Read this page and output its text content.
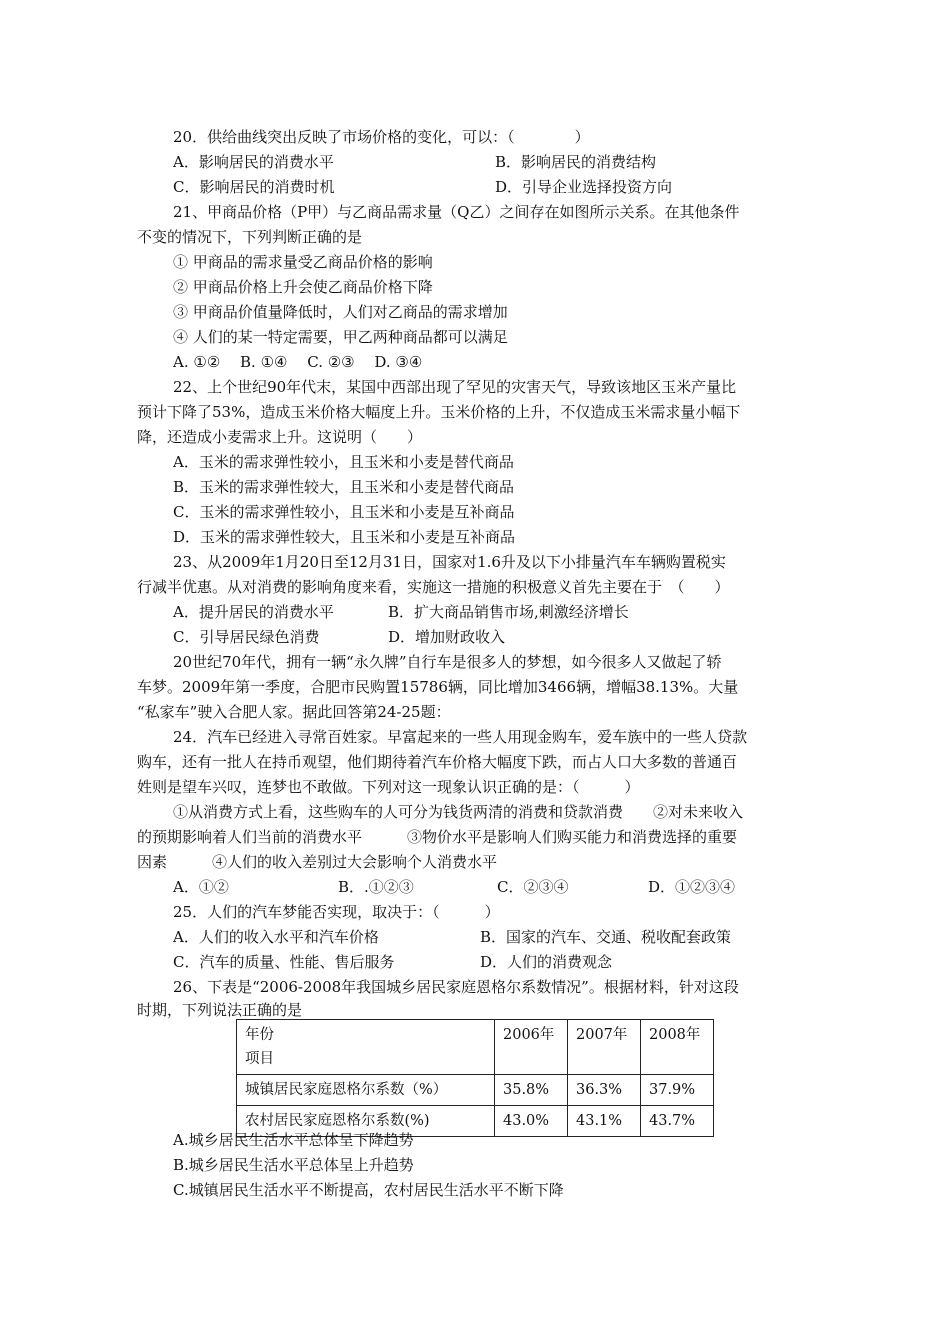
20．供给曲线突出反映了市场价格的变化，可以：（　　　　）
A．影响居民的消费水平	B．影响居民的消费结构
C．影响居民的消费时机	D．引导企业选择投资方向
21、甲商品价格（P甲）与乙商品需求量（Q乙）之间存在如图所示关系。在其他条件
不变的情况下，下列判断正确的是
① 甲商品的需求量受乙商品价格的影响
② 甲商品价格上升会使乙商品价格下降
③ 甲商品价值量降低时，人们对乙商品的需求增加
④ 人们的某一特定需要，甲乙两种商品都可以满足
A. ①②　 B. ①④　 C. ②③　 D. ③④
22、上个世纪90年代末，某国中西部出现了罕见的灾害天气，导致该地区玉米产量比
预计下降了53%，造成玉米价格大幅度上升。玉米价格的上升，不仅造成玉米需求量小幅下
降，还造成小麦需求上升。这说明（　　）
A．玉米的需求弹性较小，且玉米和小麦是替代商品
B．玉米的需求弹性较大，且玉米和小麦是替代商品
C．玉米的需求弹性较小，且玉米和小麦是互补商品
D．玉米的需求弹性较大，且玉米和小麦是互补商品
23、从2009年1月20日至12月31日，国家对1.6升及以下小排量汽车车辆购置税实
行减半优惠。从对消费的影响角度来看，实施这一措施的积极意义首先主要在于　（　　）
A．提升居民的消费水平	B．扩大商品销售市场,刺激经济增长
C．引导居民绿色消费	D．增加财政收入
20世纪70年代，拥有一辆“永久牌”自行车是很多人的梦想，如今很多人又做起了轿
车梦。2009年第一季度，合肥市民购置15786辆，同比增加3466辆，增幅38.13%。大量
“私家车”驶入合肥人家。据此回答第24-25题：
24．汽车已经进入寻常百姓家。早富起来的一些人用现金购车，爱车族中的一些人贷款
购车，还有一批人在持币观望，他们期待着汽车价格大幅度下跌，而占人口大多数的普通百
姓则是望车兴叹，连梦也不敢做。下列对这一现象认识正确的是：（　　　）
①从消费方式上看，这些购车的人可分为钱货两清的消费和贷款消费　　②对未来收入
的预期影响着人们当前的消费水平　　　③物价水平是影响人们购买能力和消费选择的重要
因素　　　④人们的收入差别过大会影响个人消费水平
A．①②	B．.①②③	C．②③④	D．①②③④
25．人们的汽车梦能否实现，取决于：（　　　）
A．人们的收入水平和汽车价格	B．国家的汽车、交通、税收配套政策
C．汽车的质量、性能、售后服务	D．人们的消费观念
26、下表是“2006-2008年我国城乡居民家庭恩格尔系数情况”。根据材料，针对这段
时期，下列说法正确的是
年份
项目	2006年	2007年	2008年
城镇居民家庭恩格尔系数（%）	35.8%	36.3%	37.9%
农村居民家庭恩格尔系数(%)	43.0%	43.1%	43.7%
A.城乡居民生活水平总体呈下降趋势
B.城乡居民生活水平总体呈上升趋势
C.城镇居民生活水平不断提高，农村居民生活水平不断下降
